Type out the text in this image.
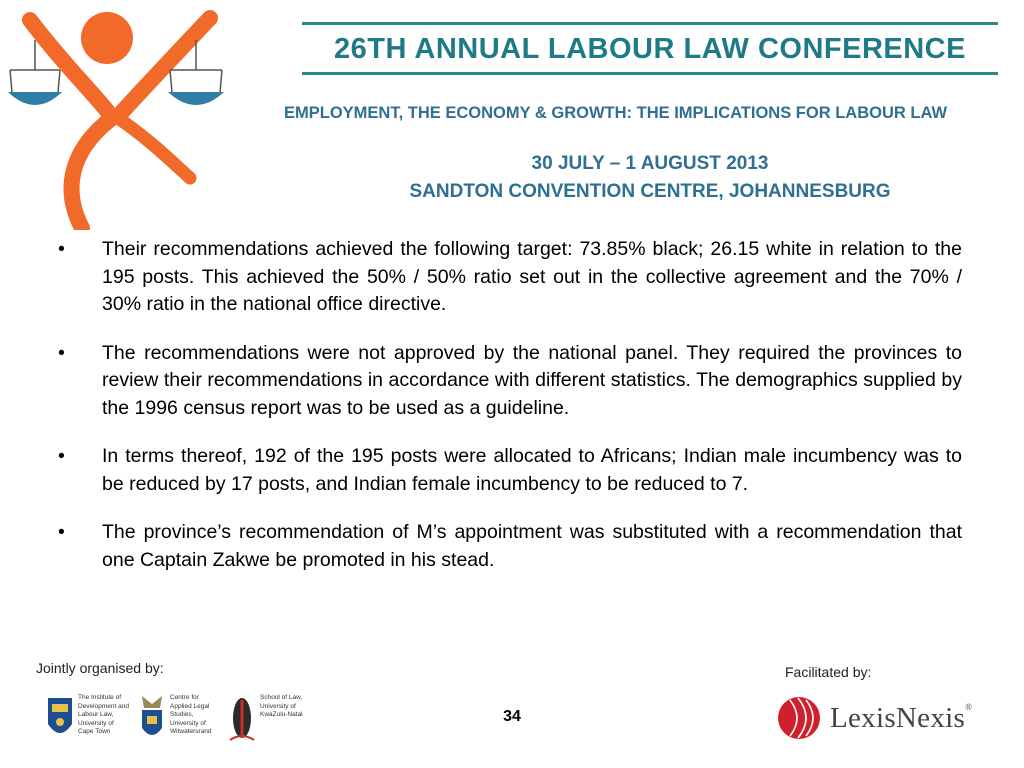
26TH ANNUAL LABOUR LAW CONFERENCE
EMPLOYMENT, THE ECONOMY & GROWTH: THE IMPLICATIONS FOR LABOUR LAW
30 JULY – 1 AUGUST 2013
SANDTON CONVENTION CENTRE, JOHANNESBURG
•	Their recommendations achieved the following target: 73.85% black; 26.15 white in relation to the 195 posts. This achieved the 50% / 50% ratio set out in the collective agreement and the 70% / 30% ratio in the national office directive.
•	The recommendations were not approved by the national panel. They required the provinces to review their recommendations in accordance with different statistics. The demographics supplied by the 1996 census report was to be used as a guideline.
•	In terms thereof, 192 of the 195 posts were allocated to Africans; Indian male incumbency was to be reduced by 17 posts, and Indian female incumbency to be reduced to 7.
•	The province’s recommendation of M’s appointment was substituted with a recommendation that one Captain Zakwe be promoted in his stead.
Jointly organised by:	Facilitated by:
The Institute of Development and Labour Law, University of Cape Town
Centre for Applied Legal Studies, University of Witwatersrand
School of Law, University of KwaZulu-Natal	34	LexisNexis®
